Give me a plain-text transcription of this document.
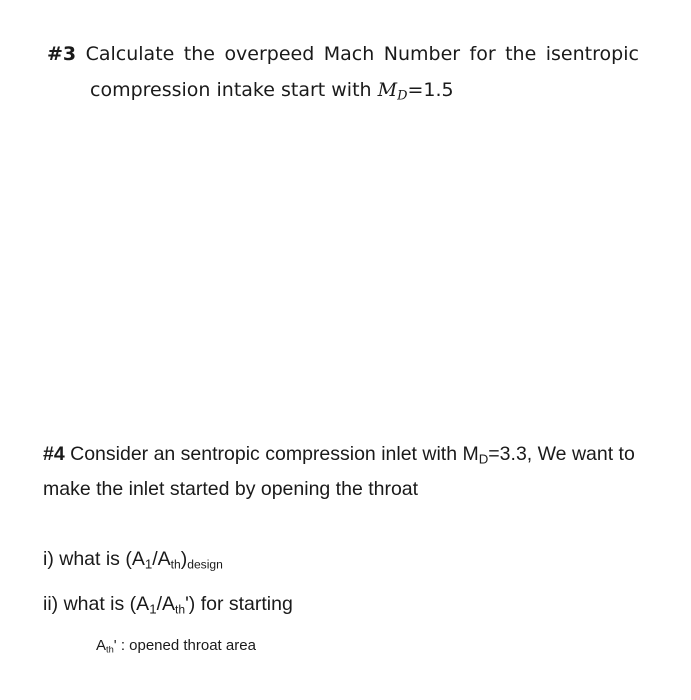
#3 Calculate the overpeed Mach Number for the isentropic
compression intake start with $M_D=1.5$
#4 Consider an sentropic compression inlet with $M_D=3.3$, We want to
make the inlet started by opening the throat
i) what is $(A_1/A_{th})_{design}$
ii) what is $(A_1/A_{th}')$ for starting
$A_{th}'$ : opened throat area
